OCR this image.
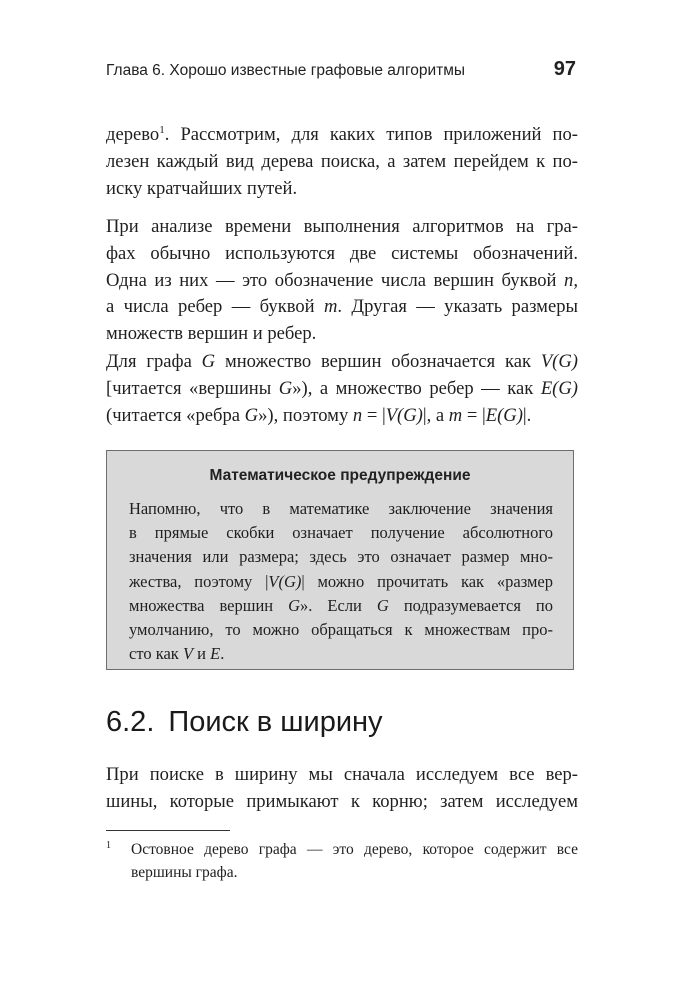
Глава 6. Хорошо известные графовые алгоритмы	97
дерево$^1$. Рассмотрим, для каких типов приложений по-
лезен каждый вид дерева поиска, а затем перейдем к по-
иску кратчайших путей.
При анализе времени выполнения алгоритмов на гра-
фах обычно используются две системы обозначений.
Одна из них — это обозначение числа вершин буквой n,
а числа ребер — буквой m. Другая — указать размеры
множеств вершин и ребер.
Для графа G множество вершин обозначается как V(G)
[читается «вершины G»), а множество ребер — как E(G)
(читается «ребра G»), поэтому n = |V(G)|, а m = |E(G)|.
Математическое предупреждение
Напомню, что в математике заключение значения
в прямые скобки означает получение абсолютного
значения или размера; здесь это означает размер мно-
жества, поэтому |V(G)| можно прочитать как «размер
множества вершин G». Если G подразумевается по
умолчанию, то можно обращаться к множествам про-
сто как V и E.
6.2. Поиск в ширину
При поиске в ширину мы сначала исследуем все вер-
шины, которые примыкают к корню; затем исследуем
1 Остовное дерево графа — это дерево, которое содержит все
вершины графа.
